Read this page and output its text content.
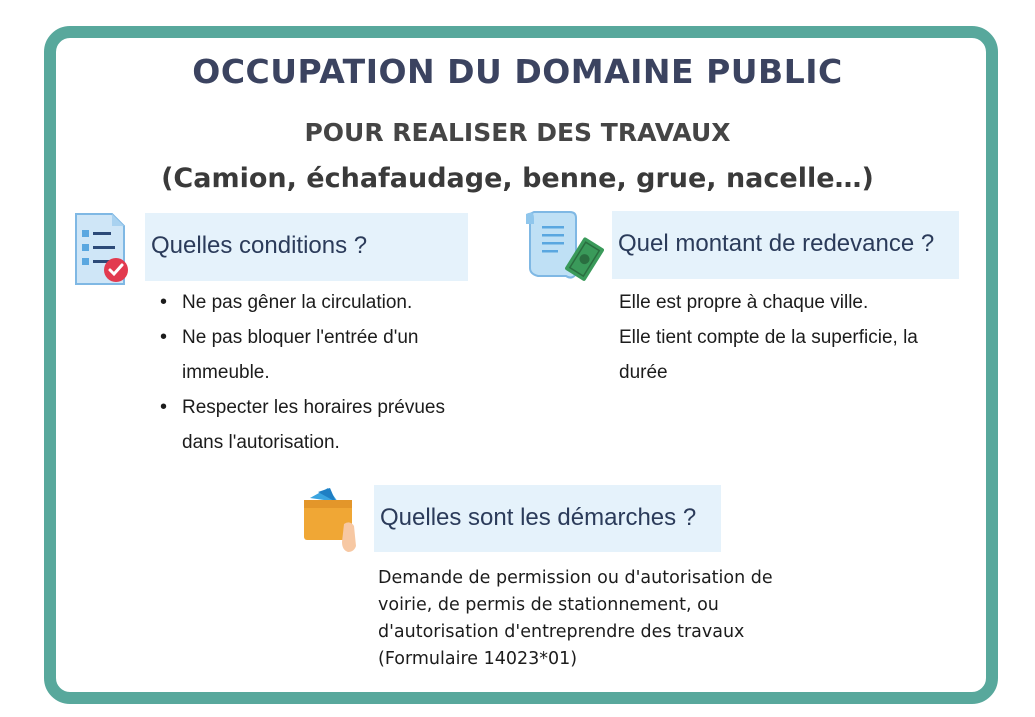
OCCUPATION DU DOMAINE PUBLIC
POUR REALISER DES TRAVAUX
(Camion, échafaudage, benne, grue, nacelle…)
Quelles conditions ?
• Ne pas gêner la circulation.
• Ne pas bloquer l'entrée d'un immeuble.
• Respecter les horaires prévues dans l'autorisation.
Quel montant de redevance ?
Elle est propre à chaque ville.
Elle tient compte de la superficie, la durée
Quelles sont les démarches ?
Demande de permission ou d'autorisation de voirie, de permis de stationnement, ou d'autorisation d'entreprendre des travaux (Formulaire 14023*01)
